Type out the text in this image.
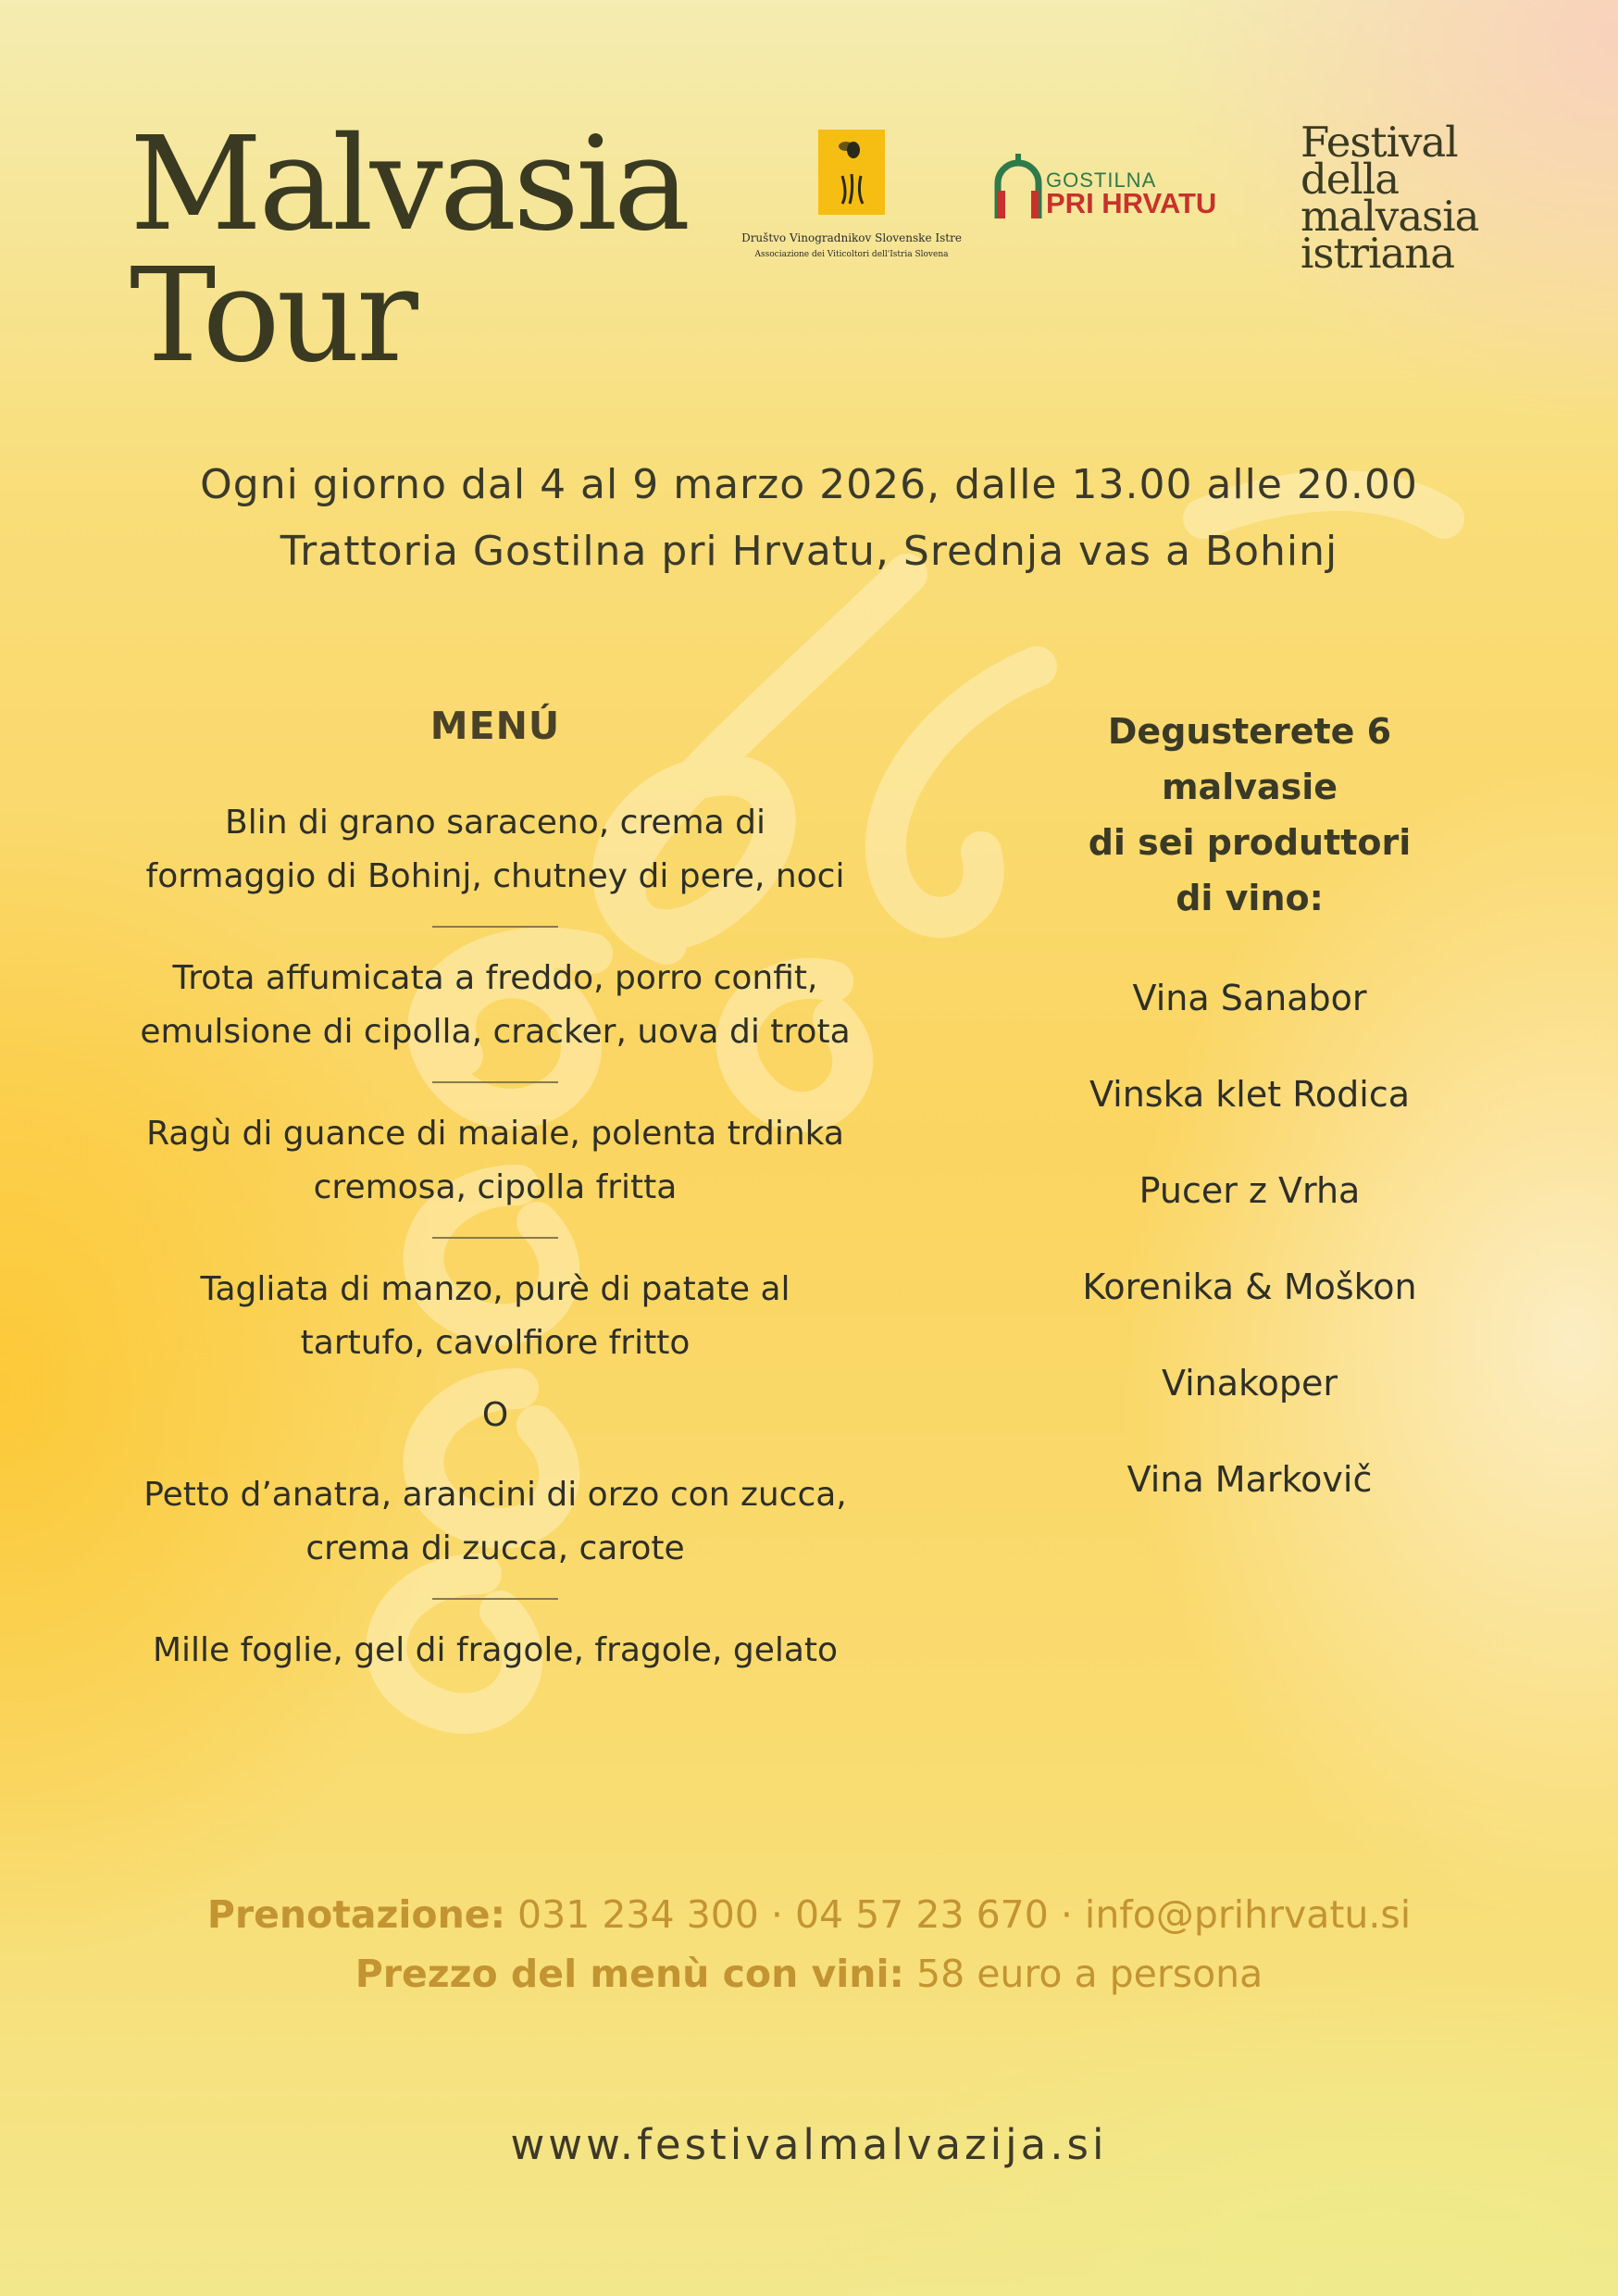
Malvasia
Tour
Društvo Vinogradnikov Slovenske Istre
Associazione dei Viticoltori dell'Istria Slovena
GOSTILNA
PRI HRVATU
Festival
della
malvasia
istriana
Ogni giorno dal 4 al 9 marzo 2026, dalle 13.00 alle 20.00
Trattoria Gostilna pri Hrvatu, Srednja vas a Bohinj
MENÚ
Blin di grano saraceno, crema di
formaggio di Bohinj, chutney di pere, noci
Trota affumicata a freddo, porro confit,
emulsione di cipolla, cracker, uova di trota
Ragù di guance di maiale, polenta trdinka
cremosa, cipolla fritta
Tagliata di manzo, purè di patate al
tartufo, cavolfiore fritto
O
Petto d’anatra, arancini di orzo con zucca,
crema di zucca, carote
Mille foglie, gel di fragole, fragole, gelato
Degusterete 6 malvasie
di sei produttori
di vino:
Vina Sanabor
Vinska klet Rodica
Pucer z Vrha
Korenika & Moškon
Vinakoper
Vina Markovič
Prenotazione: 031 234 300 · 04 57 23 670 · info@prihrvatu.si
Prezzo del menù con vini: 58 euro a persona
www.festivalmalvazija.si
